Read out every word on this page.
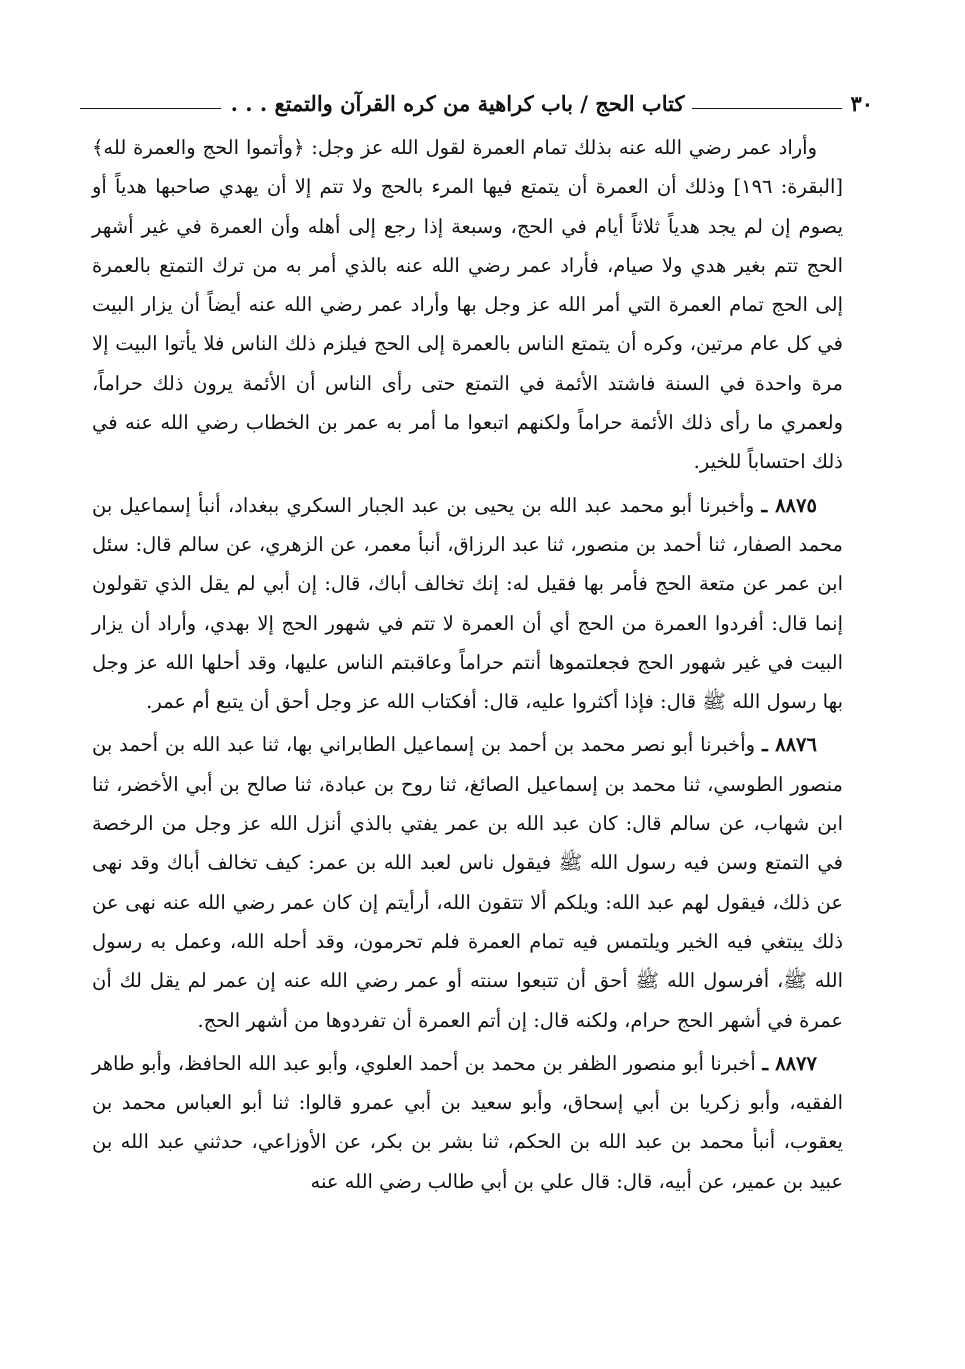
٣٠
كتاب الحج / باب كراهية من كره القرآن والتمتع . . .

وأراد عمر رضي الله عنه بذلك تمام العمرة لقول الله عز وجل: ﴿وأتموا الحج والعمرة لله﴾ [البقرة: ١٩٦] وذلك أن العمرة أن يتمتع فيها المرء بالحج ولا تتم إلا أن يهدي صاحبها هدياً أو يصوم إن لم يجد هدياً ثلاثاً أيام في الحج، وسبعة إذا رجع إلى أهله وأن العمرة في غير أشهر الحج تتم بغير هدي ولا صيام، فأراد عمر رضي الله عنه بالذي أمر به من ترك التمتع بالعمرة إلى الحج تمام العمرة التي أمر الله عز وجل بها وأراد عمر رضي الله عنه أيضاً أن يزار البيت في كل عام مرتين، وكره أن يتمتع الناس بالعمرة إلى الحج فيلزم ذلك الناس فلا يأتوا البيت إلا مرة واحدة في السنة فاشتد الأئمة في التمتع حتى رأى الناس أن الأئمة يرون ذلك حراماً، ولعمري ما رأى ذلك الأئمة حراماً ولكنهم اتبعوا ما أمر به عمر بن الخطاب رضي الله عنه في ذلك احتساباً للخير.

٨٨٧٥ ـ وأخبرنا أبو محمد عبد الله بن يحيى بن عبد الجبار السكري ببغداد، أنبأ إسماعيل بن محمد الصفار، ثنا أحمد بن منصور، ثنا عبد الرزاق، أنبأ معمر، عن الزهري، عن سالم قال: سئل ابن عمر عن متعة الحج فأمر بها فقيل له: إنك تخالف أباك، قال: إن أبي لم يقل الذي تقولون إنما قال: أفردوا العمرة من الحج أي أن العمرة لا تتم في شهور الحج إلا بهدي، وأراد أن يزار البيت في غير شهور الحج فجعلتموها أنتم حراماً وعاقبتم الناس عليها، وقد أحلها الله عز وجل بها رسول الله ﷺ قال: فإذا أكثروا عليه، قال: أفكتاب الله عز وجل أحق أن يتبع أم عمر.

٨٨٧٦ ـ وأخبرنا أبو نصر محمد بن أحمد بن إسماعيل الطابراني بها، ثنا عبد الله بن أحمد بن منصور الطوسي، ثنا محمد بن إسماعيل الصائغ، ثنا روح بن عبادة، ثنا صالح بن أبي الأخضر، ثنا ابن شهاب، عن سالم قال: كان عبد الله بن عمر يفتي بالذي أنزل الله عز وجل من الرخصة في التمتع وسن فيه رسول الله ﷺ فيقول ناس لعبد الله بن عمر: كيف تخالف أباك وقد نهى عن ذلك، فيقول لهم عبد الله: ويلكم ألا تتقون الله، أرأيتم إن كان عمر رضي الله عنه نهى عن ذلك يبتغي فيه الخير ويلتمس فيه تمام العمرة فلم تحرمون، وقد أحله الله، وعمل به رسول الله ﷺ، أفرسول الله ﷺ أحق أن تتبعوا سنته أو عمر رضي الله عنه إن عمر لم يقل لك أن عمرة في أشهر الحج حرام، ولكنه قال: إن أتم العمرة أن تفردوها من أشهر الحج.

٨٨٧٧ ـ أخبرنا أبو منصور الظفر بن محمد بن أحمد العلوي، وأبو عبد الله الحافظ، وأبو طاهر الفقيه، وأبو زكريا بن أبي إسحاق، وأبو سعيد بن أبي عمرو قالوا: ثنا أبو العباس محمد بن يعقوب، أنبأ محمد بن عبد الله بن الحكم، ثنا بشر بن بكر، عن الأوزاعي، حدثني عبد الله بن عبيد بن عمير، عن أبيه، قال: قال علي بن أبي طالب رضي الله عنه
